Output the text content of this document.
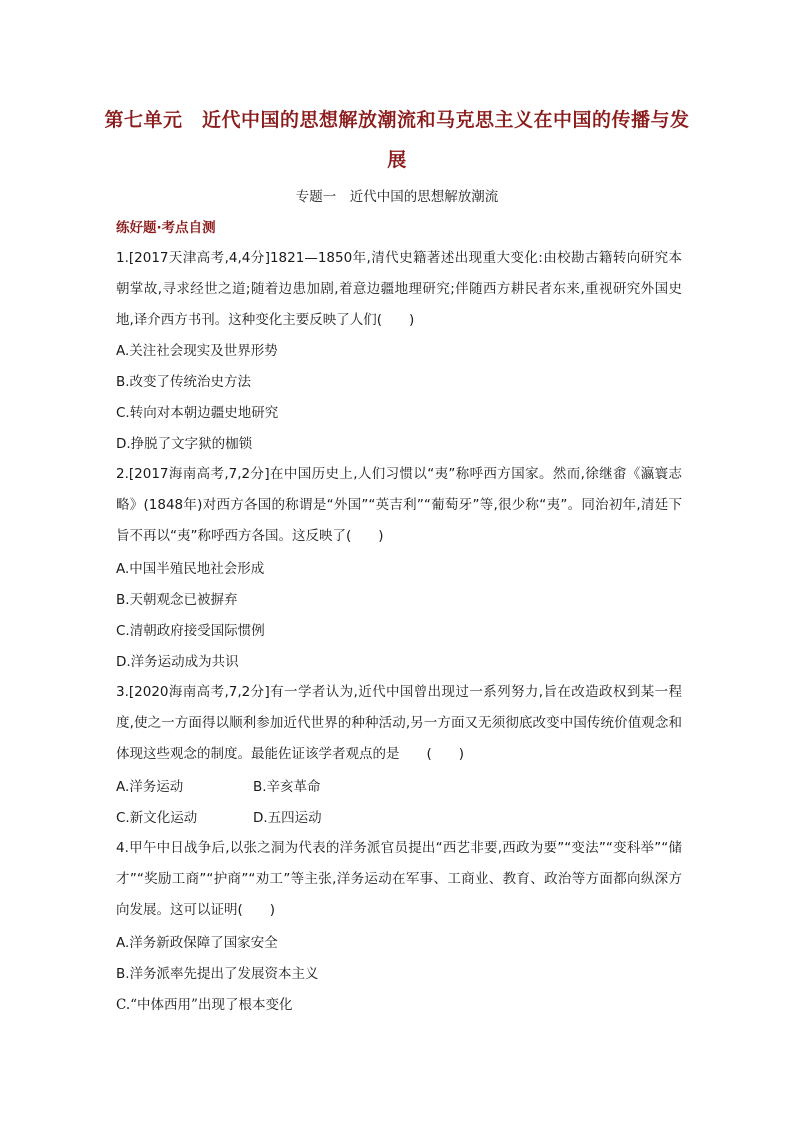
第七单元　近代中国的思想解放潮流和马克思主义在中国的传播与发展
专题一　近代中国的思想解放潮流
练好题·考点自测
1.[2017天津高考,4,4分]1821—1850年,清代史籍著述出现重大变化:由校勘古籍转向研究本朝掌故,寻求经世之道;随着边患加剧,着意边疆地理研究;伴随西方耕民者东来,重视研究外国史地,译介西方书刊。这种变化主要反映了人们(　　)
A.关注社会现实及世界形势
B.改变了传统治史方法
C.转向对本朝边疆史地研究
D.挣脱了文字狱的枷锁
2.[2017海南高考,7,2分]在中国历史上,人们习惯以“夷”称呼西方国家。然而,徐继畬《瀛寰志略》(1848年)对西方各国的称谓是“外国”“英吉利”“葡萄牙”等,很少称“夷”。同治初年,清廷下旨不再以“夷”称呼西方各国。这反映了(　　)
A.中国半殖民地社会形成
B.天朝观念已被摒弃
C.清朝政府接受国际惯例
D.洋务运动成为共识
3.[2020海南高考,7,2分]有一学者认为,近代中国曾出现过一系列努力,旨在改造政权到某一程度,使之一方面得以顺利参加近代世界的种种活动,另一方面又无须彻底改变中国传统价值观念和体现这些观念的制度。最能佐证该学者观点的是　　(　　)
A.洋务运动	B.辛亥革命
C.新文化运动	D.五四运动
4.甲午中日战争后,以张之洞为代表的洋务派官员提出“西艺非要,西政为要”“变法”“变科举”“储才”“奖励工商”“护商”“劝工”等主张,洋务运动在军事、工商业、教育、政治等方面都向纵深方向发展。这可以证明(　　)
A.洋务新政保障了国家安全
B.洋务派率先提出了发展资本主义
C.“中体西用”出现了根本变化
